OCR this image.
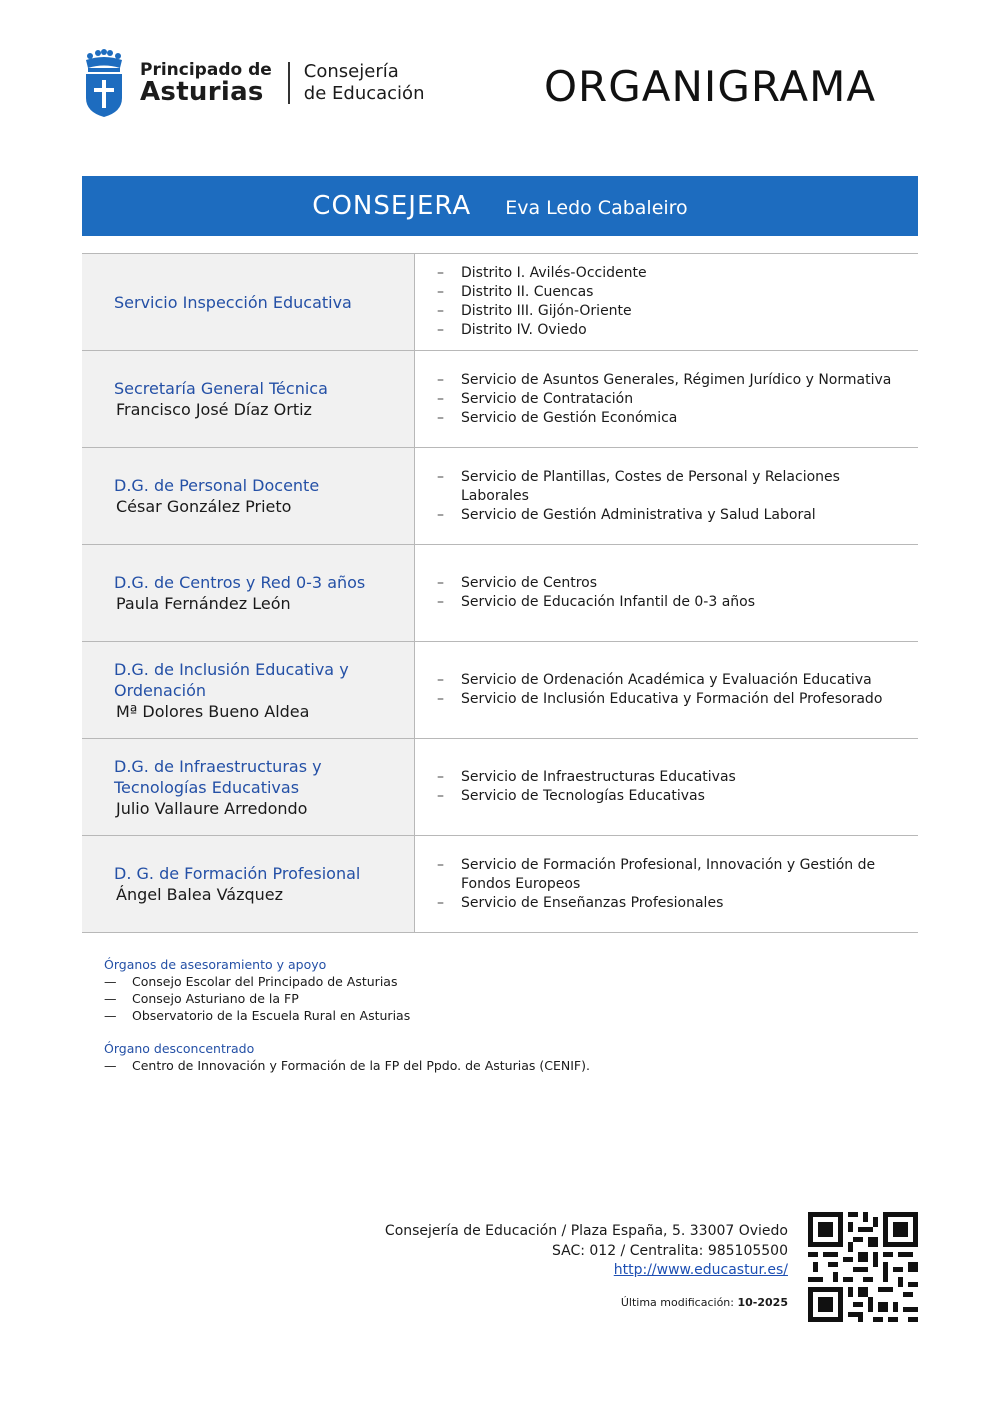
Principado de
Asturias
Consejería
de Educación	ORGANIGRAMA
CONSEJERA Eva Ledo Cabaleiro
Servicio Inspección Educativa
–	Distrito I. Avilés-Occidente
–	Distrito II. Cuencas
–	Distrito III. Gijón-Oriente
–	Distrito IV. Oviedo
Secretaría General Técnica
Francisco José Díaz Ortiz
–	Servicio de Asuntos Generales, Régimen Jurídico y Normativa
–	Servicio de Contratación
–	Servicio de Gestión Económica
D.G. de Personal Docente
César González Prieto
–	Servicio de Plantillas, Costes de Personal y Relaciones
Laborales
–	Servicio de Gestión Administrativa y Salud Laboral
D.G. de Centros y Red 0-3 años
Paula Fernández León
–	Servicio de Centros
–	Servicio de Educación Infantil de 0-3 años
D.G. de Inclusión Educativa y
Ordenación
Mª Dolores Bueno Aldea
–	Servicio de Ordenación Académica y Evaluación Educativa
–	Servicio de Inclusión Educativa y Formación del Profesorado
D.G. de Infraestructuras y
Tecnologías Educativas
Julio Vallaure Arredondo
–	Servicio de Infraestructuras Educativas
–	Servicio de Tecnologías Educativas
D. G. de Formación Profesional
Ángel Balea Vázquez
–	Servicio de Formación Profesional, Innovación y Gestión de
Fondos Europeos
–	Servicio de Enseñanzas Profesionales
Órganos de asesoramiento y apoyo
—	Consejo Escolar del Principado de Asturias
—	Consejo Asturiano de la FP
—	Observatorio de la Escuela Rural en Asturias
Órgano desconcentrado
—	Centro de Innovación y Formación de la FP del Ppdo. de Asturias (CENIF).
Consejería de Educación / Plaza España, 5. 33007 Oviedo
SAC: 012 / Centralita: 985105500
http://www.educastur.es/
Última modificación: 10-2025
